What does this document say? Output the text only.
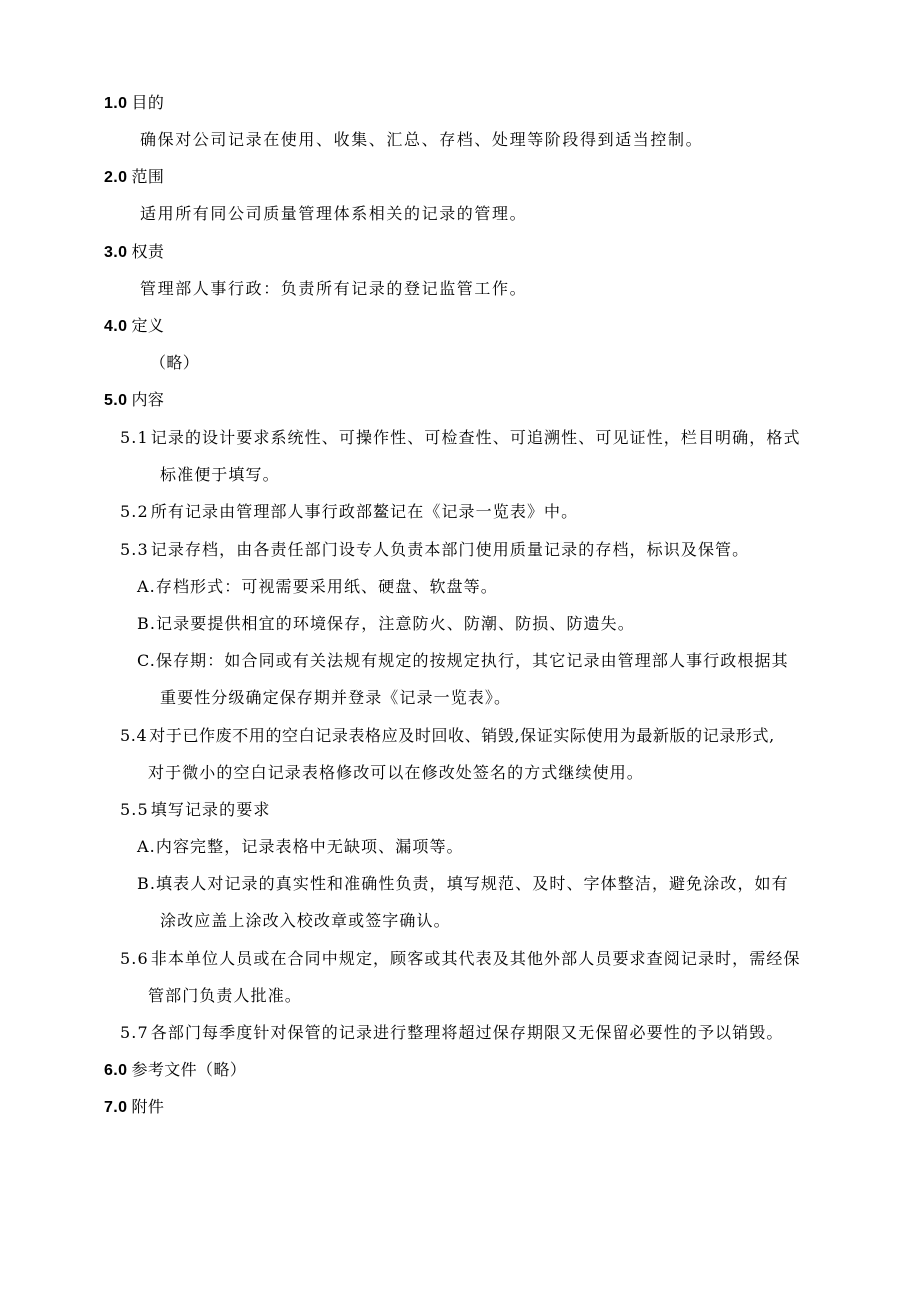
1.0 目的
确保对公司记录在使用、收集、汇总、存档、处理等阶段得到适当控制。
2.0 范围
适用所有同公司质量管理体系相关的记录的管理。
3.0 权责
管理部人事行政：负责所有记录的登记监管工作。
4.0 定义
（略）
5.0 内容
5.1 记录的设计要求系统性、可操作性、可检查性、可追溯性、可见证性，栏目明确，格式
标准便于填写。
5.2 所有记录由管理部人事行政部鳌记在《记录一览表》中。
5.3 记录存档，由各责任部门设专人负责本部门使用质量记录的存档，标识及保管。
A.存档形式：可视需要采用纸、硬盘、软盘等。
B.记录要提供相宜的环境保存，注意防火、防潮、防损、防遗失。
C.保存期：如合同或有关法规有规定的按规定执行，其它记录由管理部人事行政根据其
重要性分级确定保存期并登录《记录一览表》。
5.4 对于已作废不用的空白记录表格应及时回收、销毁,保证实际使用为最新版的记录形式,
对于微小的空白记录表格修改可以在修改处签名的方式继续使用。
5.5 填写记录的要求
A.内容完整，记录表格中无缺项、漏项等。
B.填表人对记录的真实性和准确性负责，填写规范、及时、字体整洁，避免涂改，如有
涂改应盖上涂改入校改章或签字确认。
5.6 非本单位人员或在合同中规定，顾客或其代表及其他外部人员要求查阅记录时，需经保
管部门负责人批准。
5.7 各部门每季度针对保管的记录进行整理将超过保存期限又无保留必要性的予以销毁。
6.0 参考文件（略）
7.0 附件
